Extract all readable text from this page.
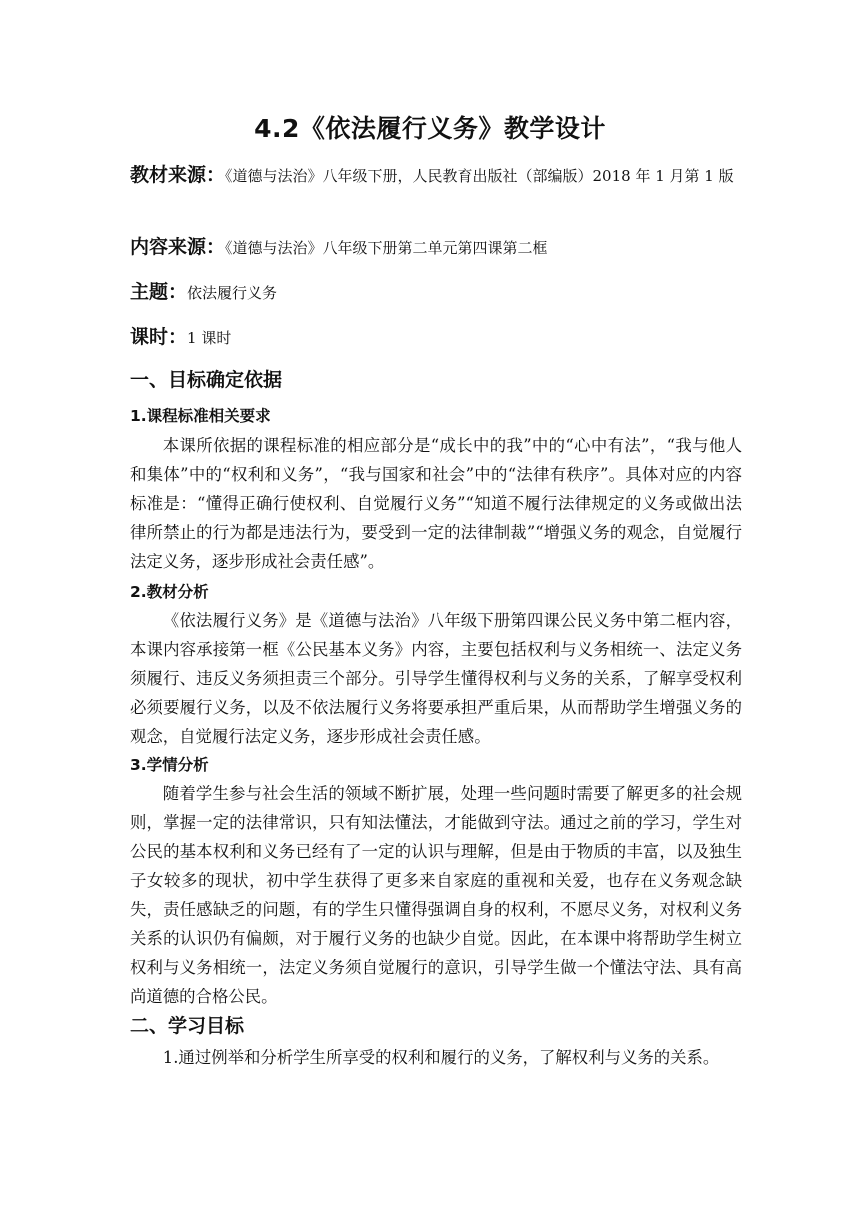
4.2《依法履行义务》教学设计
教材来源：《道德与法治》八年级下册，人民教育出版社（部编版）2018 年 1 月第 1 版
内容来源：《道德与法治》八年级下册第二单元第四课第二框
主题：依法履行义务
课时：1 课时
一、目标确定依据
1.课程标准相关要求

本课所依据的课程标准的相应部分是“成长中的我”中的“心中有法”，“我与他人和集体”中的“权利和义务”，“我与国家和社会”中的“法律有秩序”。具体对应的内容标准是：“懂得正确行使权利、自觉履行义务”“知道不履行法律规定的义务或做出法律所禁止的行为都是违法行为，要受到一定的法律制裁”“增强义务的观念，自觉履行法定义务，逐步形成社会责任感”。

2.教材分析

《依法履行义务》是《道德与法治》八年级下册第四课公民义务中第二框内容，本课内容承接第一框《公民基本义务》内容，主要包括权利与义务相统一、法定义务须履行、违反义务须担责三个部分。引导学生懂得权利与义务的关系，了解享受权利必须要履行义务，以及不依法履行义务将要承担严重后果，从而帮助学生增强义务的观念，自觉履行法定义务，逐步形成社会责任感。

3.学情分析

随着学生参与社会生活的领域不断扩展，处理一些问题时需要了解更多的社会规则，掌握一定的法律常识，只有知法懂法，才能做到守法。通过之前的学习，学生对公民的基本权利和义务已经有了一定的认识与理解，但是由于物质的丰富，以及独生子女较多的现状，初中学生获得了更多来自家庭的重视和关爱，也存在义务观念缺失，责任感缺乏的问题，有的学生只懂得强调自身的权利，不愿尽义务，对权利义务关系的认识仍有偏颇，对于履行义务的也缺少自觉。因此，在本课中将帮助学生树立权利与义务相统一，法定义务须自觉履行的意识，引导学生做一个懂法守法、具有高尚道德的合格公民。

二、学习目标

1.通过例举和分析学生所享受的权利和履行的义务，了解权利与义务的关系。
